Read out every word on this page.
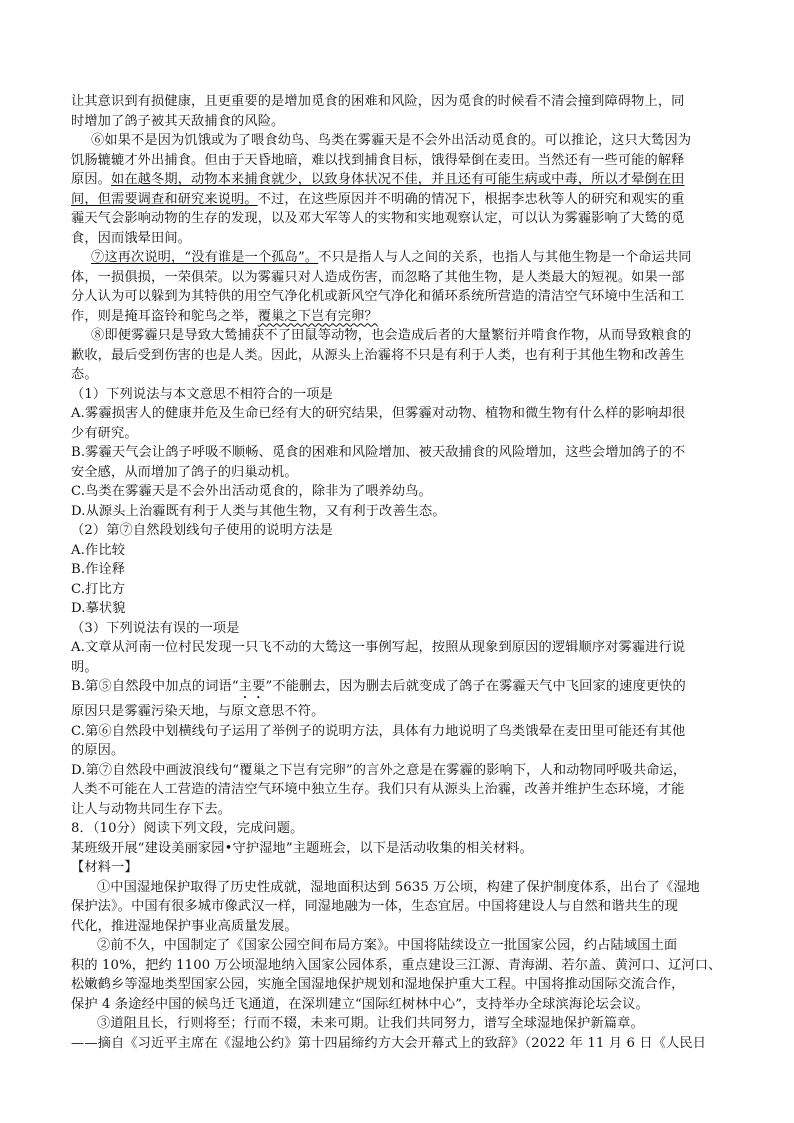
让其意识到有损健康，且更重要的是增加觅食的困难和风险，因为觅食的时候看不清会撞到障碍物上，同
时增加了鸽子被其天敌捕食的风险。
⑥如果不是因为饥饿或为了喂食幼鸟、鸟类在雾霾天是不会外出活动觅食的。可以推论，这只大鸶因为
饥肠辘辘才外出捕食。但由于天昏地暗，难以找到捕食目标，饿得晕倒在麦田。当然还有一些可能的解释
原因。如在越冬期，动物本来捕食就少，以致身体状况不佳，并且还有可能生病或中毒，所以才晕倒在田
间，但需要调查和研究来说明。不过，在这些原因并不明确的情况下，根据李忠秋等人的研究和观实的重
霾天气会影响动物的生存的发现，以及邓大军等人的实物和实地观察认定，可以认为雾霾影响了大鸶的觅
食，因而饿晕田间。
⑦这再次说明，“没有谁是一个孤岛”。不只是指人与人之间的关系，也指人与其他生物是一个命运共同
体，一损俱损，一荣俱荣。以为雾霾只对人造成伤害，而忽略了其他生物，是人类最大的短视。如果一部
分人认为可以躲到为其特供的用空气净化机或新风空气净化和循环系统所营造的清洁空气环境中生活和工
作，则是掩耳盗铃和鸵鸟之举，覆巢之下岂有完卵？
⑧即便雾霾只是导致大鸶捕获不了田鼠等动物，也会造成后者的大量繁衍并啃食作物，从而导致粮食的
歉收，最后受到伤害的也是人类。因此，从源头上治霾将不只是有利于人类，也有利于其他生物和改善生
态。
（1）下列说法与本文意思不相符合的一项是
A.雾霾损害人的健康并危及生命已经有大的研究结果，但雾霾对动物、植物和微生物有什么样的影响却很
少有研究。
B.雾霾天气会让鸽子呼吸不顺畅、觅食的困难和风险增加、被天敌捕食的风险增加，这些会增加鸽子的不
安全感，从而增加了鸽子的归巢动机。
C.鸟类在雾霾天是不会外出活动觅食的，除非为了喂养幼鸟。
D.从源头上治霾既有利于人类与其他生物，又有利于改善生态。
（2）第⑦自然段划线句子使用的说明方法是
A.作比较
B.作诠释
C.打比方
D.摹状貌
（3）下列说法有误的一项是
A.文章从河南一位村民发现一只飞不动的大鸶这一事例写起，按照从现象到原因的逻辑顺序对雾霾进行说
明。
B.第⑤自然段中加点的词语“主要”不能删去，因为删去后就变成了鸽子在雾霾天气中飞回家的速度更快的
原因只是雾霾污染天地，与原文意思不符。
C.第⑥自然段中划横线句子运用了举例子的说明方法，具体有力地说明了鸟类饿晕在麦田里可能还有其他
的原因。
D.第⑦自然段中画波浪线句“覆巢之下岂有完卵”的言外之意是在雾霾的影响下，人和动物同呼吸共命运，
人类不可能在人工营造的清洁空气环境中独立生存。我们只有从源头上治霾，改善并维护生态环境，才能
让人与动物共同生存下去。
8．（10分）阅读下列文段，完成问题。
某班级开展“建设美丽家园•守护湿地”主题班会，以下是活动收集的相关材料。
【材料一】
①中国湿地保护取得了历史性成就，湿地面积达到 5635 万公顷，构建了保护制度体系，出台了《湿地
保护法》。中国有很多城市像武汉一样，同湿地融为一体，生态宜居。中国将建设人与自然和谐共生的现
代化，推进湿地保护事业高质量发展。
②前不久，中国制定了《国家公园空间布局方案》。中国将陆续设立一批国家公园，约占陆域国土面
积的 10%，把约 1100 万公顷湿地纳入国家公园体系，重点建设三江源、青海湖、若尔盖、黄河口、辽河口、
松嫩鹤乡等湿地类型国家公园，实施全国湿地保护规划和湿地保护重大工程。中国将推动国际交流合作，
保护 4 条途经中国的候鸟迁飞通道，在深圳建立“国际红树林中心”，支持举办全球滨海论坛会议。
③道阻且长，行则将至；行而不辍，未来可期。让我们共同努力，谱写全球湿地保护新篇章。
——摘自《习近平主席在《湿地公约》第十四届缔约方大会开幕式上的致辞》（2022 年 11 月 6 日《人民日
